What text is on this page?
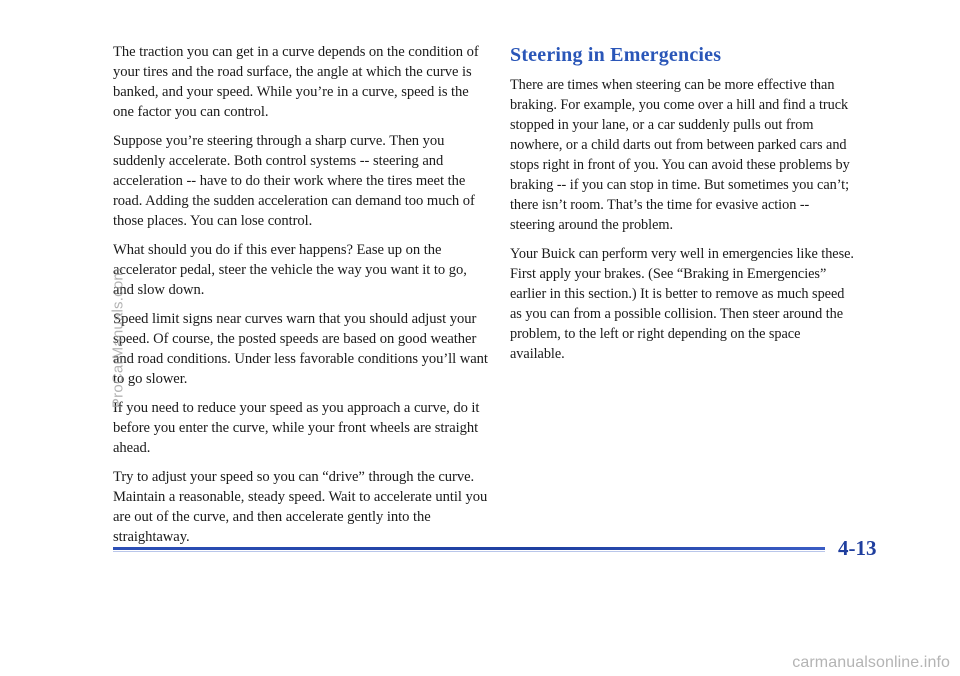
The traction you can get in a curve depends on the condition of your tires and the road surface, the angle at which the curve is banked, and your speed. While you’re in a curve, speed is the one factor you can control.

Suppose you’re steering through a sharp curve. Then you suddenly accelerate. Both control systems -- steering and acceleration -- have to do their work where the tires meet the road. Adding the sudden acceleration can demand too much of those places. You can lose control.

What should you do if this ever happens? Ease up on the accelerator pedal, steer the vehicle the way you want it to go, and slow down.

Speed limit signs near curves warn that you should adjust your speed. Of course, the posted speeds are based on good weather and road conditions. Under less favorable conditions you’ll want to go slower.

If you need to reduce your speed as you approach a curve, do it before you enter the curve, while your front wheels are straight ahead.

Try to adjust your speed so you can “drive” through the curve. Maintain a reasonable, steady speed. Wait to accelerate until you are out of the curve, and then accelerate gently into the straightaway.

Steering in Emergencies

There are times when steering can be more effective than braking. For example, you come over a hill and find a truck stopped in your lane, or a car suddenly pulls out from nowhere, or a child darts out from between parked cars and stops right in front of you. You can avoid these problems by braking -- if you can stop in time. But sometimes you can’t; there isn’t room. That’s the time for evasive action -- steering around the problem.

Your Buick can perform very well in emergencies like these. First apply your brakes. (See “Braking in Emergencies” earlier in this section.) It is better to remove as much speed as you can from a possible collision. Then steer around the problem, to the left or right depending on the space available.

4-13
ProCarManuals.com
carmanualsonline.info
